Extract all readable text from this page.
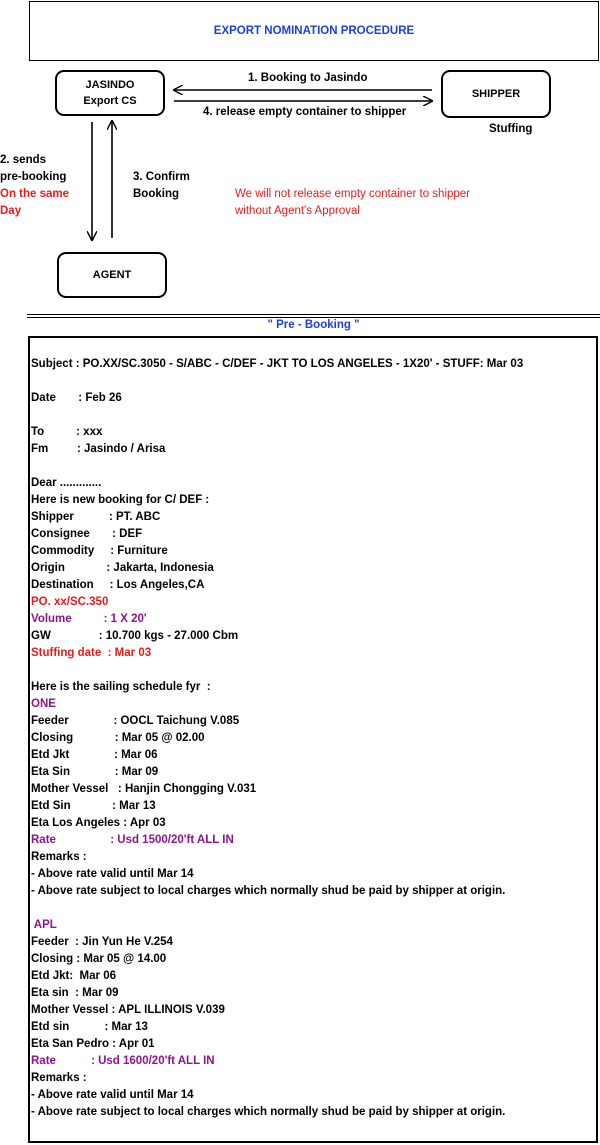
EXPORT NOMINATION PROCEDURE
JASINDO
Export CS
SHIPPER
AGENT
1. Booking to Jasindo
4. release empty container to shipper
Stuffing
2. sends
pre-booking
On the same
Day
3. Confirm
Booking	We will not release empty container to shipper
without Agent's Approval
" Pre - Booking "
Subject : PO.XX/SC.3050 - S/ABC - C/DEF - JKT TO LOS ANGELES - 1X20' - STUFF: Mar 03
Date       : Feb 26
To          : xxx
Fm         : Jasindo / Arisa
Dear .............
Here is new booking for C/ DEF :
Shipper           : PT. ABC
Consignee       : DEF
Commodity     : Furniture
Origin             : Jakarta, Indonesia
Destination     : Los Angeles,CA
PO. xx/SC.350
Volume          : 1 X 20'
GW               : 10.700 kgs - 27.000 Cbm
Stuffing date  : Mar 03
Here is the sailing schedule fyr  :
ONE
Feeder              : OOCL Taichung V.085
Closing             : Mar 05 @ 02.00
Etd Jkt              : Mar 06
Eta Sin              : Mar 09
Mother Vessel   : Hanjin Chongging V.031
Etd Sin             : Mar 13
Eta Los Angeles : Apr 03
Rate                 : Usd 1500/20'ft ALL IN
Remarks :
- Above rate valid until Mar 14
- Above rate subject to local charges which normally shud be paid by shipper at origin.
APL
Feeder  : Jin Yun He V.254
Closing : Mar 05 @ 14.00
Etd Jkt:  Mar 06
Eta sin  : Mar 09
Mother Vessel : APL ILLINOIS V.039
Etd sin           : Mar 13
Eta San Pedro : Apr 01
Rate           : Usd 1600/20'ft ALL IN
Remarks :
- Above rate valid until Mar 14
- Above rate subject to local charges which normally shud be paid by shipper at origin.
